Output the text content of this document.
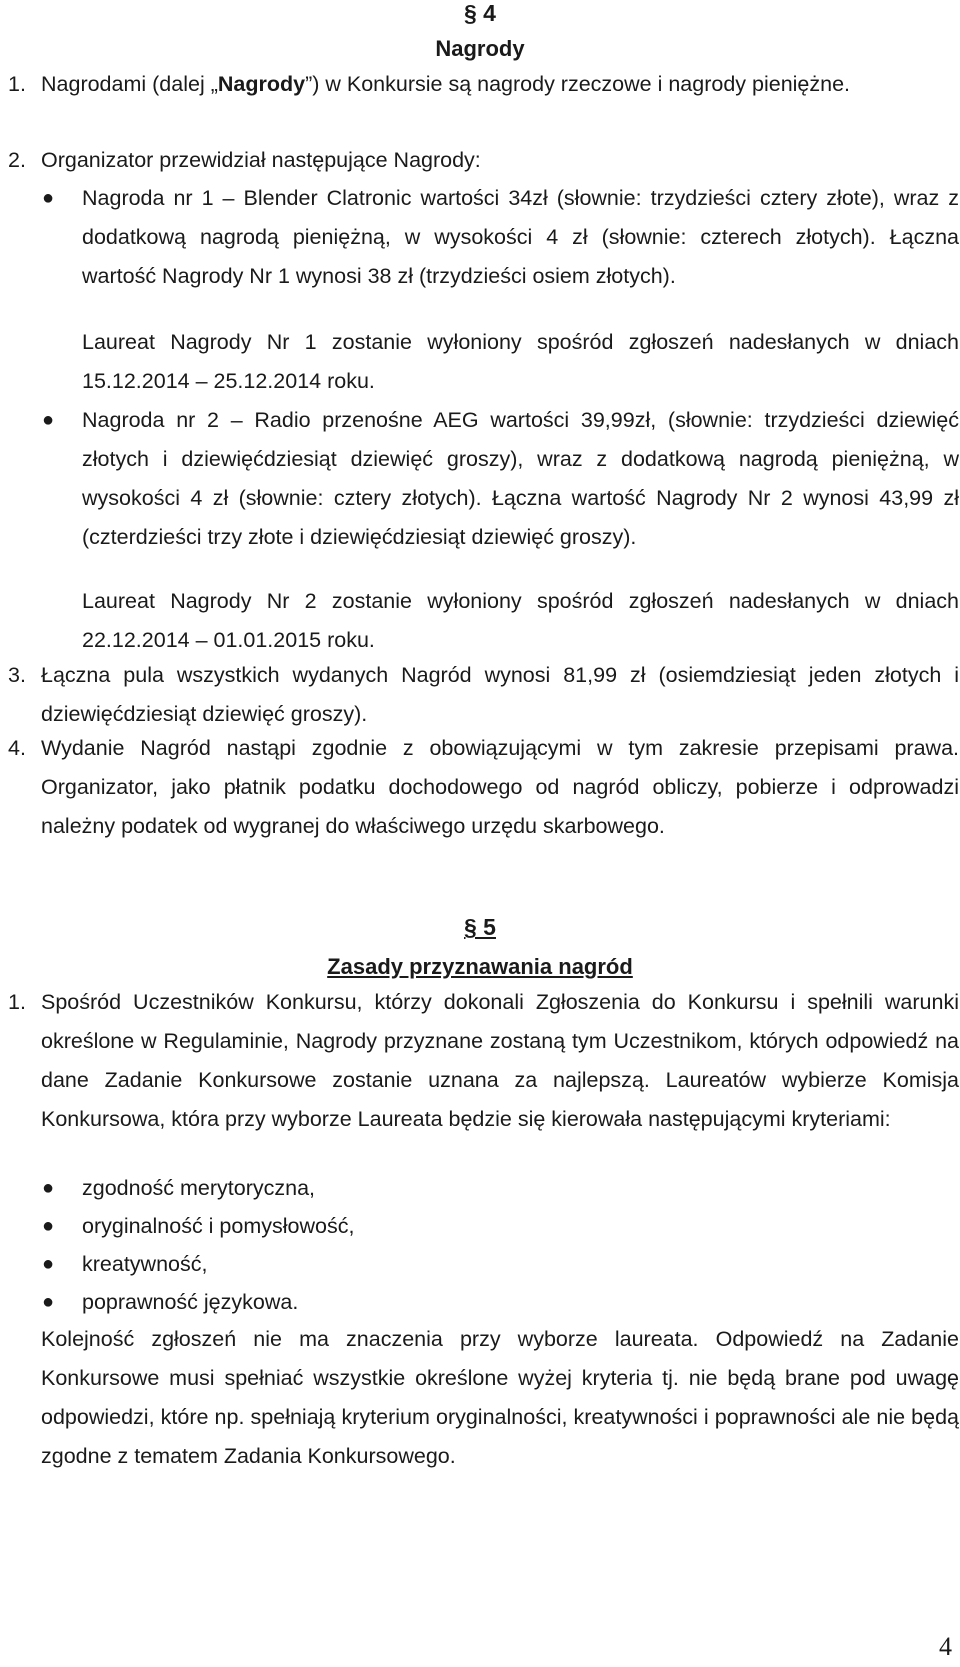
§ 4
Nagrody
1. Nagrodami (dalej „Nagrody”) w Konkursie są nagrody rzeczowe i nagrody pieniężne.
2. Organizator przewidział następujące Nagrody:
● Nagroda nr 1 – Blender Clatronic wartości 34zł (słownie: trzydzieści cztery złote), wraz z dodatkową nagrodą pieniężną, w wysokości 4 zł (słownie: czterech złotych). Łączna wartość Nagrody Nr 1 wynosi 38 zł (trzydzieści osiem złotych).
Laureat Nagrody Nr 1 zostanie wyłoniony spośród zgłoszeń nadesłanych w dniach 15.12.2014 – 25.12.2014 roku.
● Nagroda nr 2 – Radio przenośne AEG wartości 39,99zł, (słownie: trzydzieści dziewięć złotych i dziewięćdziesiąt dziewięć groszy), wraz z dodatkową nagrodą pieniężną, w wysokości 4 zł (słownie: cztery złotych). Łączna wartość Nagrody Nr 2 wynosi 43,99 zł (czterdzieści trzy złote i dziewięćdziesiąt dziewięć groszy).
Laureat Nagrody Nr 2 zostanie wyłoniony spośród zgłoszeń nadesłanych w dniach 22.12.2014 – 01.01.2015 roku.
3. Łączna pula wszystkich wydanych Nagród wynosi 81,99 zł (osiemdziesiąt jeden złotych i dziewięćdziesiąt dziewięć groszy).
4. Wydanie Nagród nastąpi zgodnie z obowiązującymi w tym zakresie przepisami prawa. Organizator, jako płatnik podatku dochodowego od nagród obliczy, pobierze i odprowadzi należny podatek od wygranej do właściwego urzędu skarbowego.
§ 5
Zasady przyznawania nagród
1. Spośród Uczestników Konkursu, którzy dokonali Zgłoszenia do Konkursu i spełnili warunki określone w Regulaminie, Nagrody przyznane zostaną tym Uczestnikom, których odpowiedź na dane Zadanie Konkursowe zostanie uznana za najlepszą. Laureatów wybierze Komisja Konkursowa, która przy wyborze Laureata będzie się kierowała następującymi kryteriami:
● zgodność merytoryczna,
● oryginalność i pomysłowość,
● kreatywność,
● poprawność językowa.
Kolejność zgłoszeń nie ma znaczenia przy wyborze laureata. Odpowiedź na Zadanie Konkursowe musi spełniać wszystkie określone wyżej kryteria tj. nie będą brane pod uwagę odpowiedzi, które np. spełniają kryterium oryginalności, kreatywności i poprawności ale nie będą zgodne z tematem Zadania Konkursowego.
4
